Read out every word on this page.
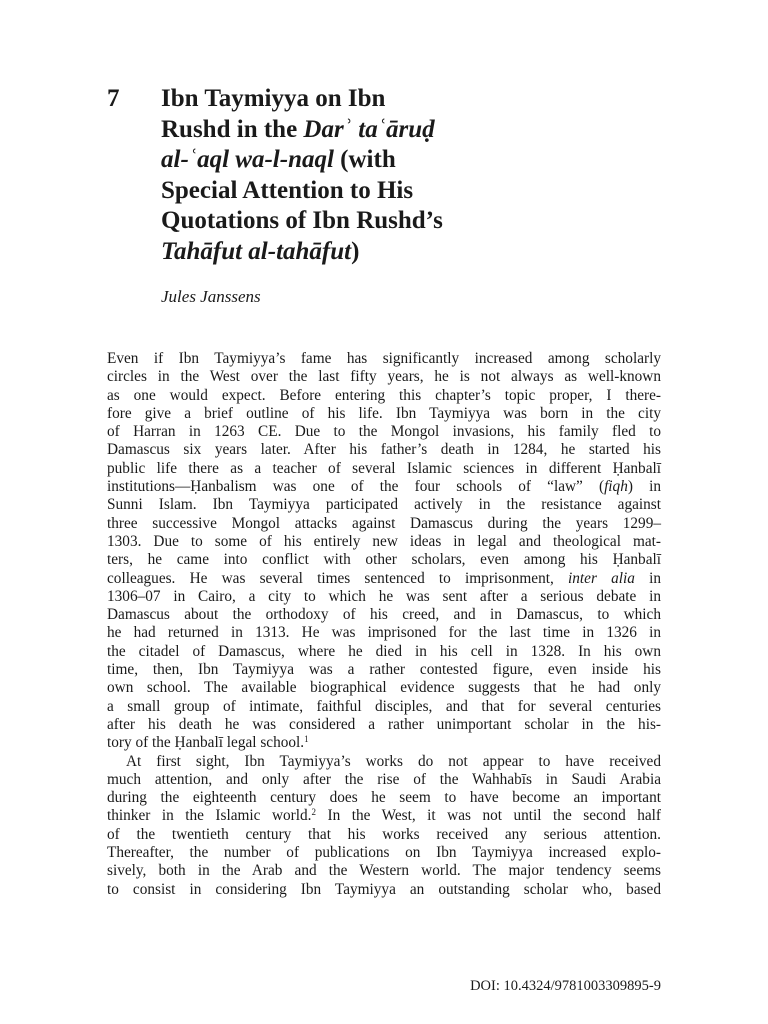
7 Ibn Taymiyya on Ibn
Rushd in the Darʾ taʿāruḍ
al-ʿaql wa-l-naql (with
Special Attention to His
Quotations of Ibn Rushd’s
Tahāfut al-tahāfut)
Jules Janssens
Even if Ibn Taymiyya’s fame has significantly increased among scholarly
circles in the West over the last fifty years, he is not always as well-known
as one would expect. Before entering this chapter’s topic proper, I there-
fore give a brief outline of his life. Ibn Taymiyya was born in the city
of Harran in 1263 CE. Due to the Mongol invasions, his family fled to
Damascus six years later. After his father’s death in 1284, he started his
public life there as a teacher of several Islamic sciences in different Ḥanbalī
institutions—Ḥanbalism was one of the four schools of “law” (fiqh) in
Sunni Islam. Ibn Taymiyya participated actively in the resistance against
three successive Mongol attacks against Damascus during the years 1299–
1303. Due to some of his entirely new ideas in legal and theological mat-
ters, he came into conflict with other scholars, even among his Ḥanbalī
colleagues. He was several times sentenced to imprisonment, inter alia in
1306–07 in Cairo, a city to which he was sent after a serious debate in
Damascus about the orthodoxy of his creed, and in Damascus, to which
he had returned in 1313. He was imprisoned for the last time in 1326 in
the citadel of Damascus, where he died in his cell in 1328. In his own
time, then, Ibn Taymiyya was a rather contested figure, even inside his
own school. The available biographical evidence suggests that he had only
a small group of intimate, faithful disciples, and that for several centuries
after his death he was considered a rather unimportant scholar in the his-
tory of the Ḥanbalī legal school.$^1$
At first sight, Ibn Taymiyya’s works do not appear to have received
much attention, and only after the rise of the Wahhabīs in Saudi Arabia
during the eighteenth century does he seem to have become an important
thinker in the Islamic world.$^2$ In the West, it was not until the second half
of the twentieth century that his works received any serious attention.
Thereafter, the number of publications on Ibn Taymiyya increased explo-
sively, both in the Arab and the Western world. The major tendency seems
to consist in considering Ibn Taymiyya an outstanding scholar who, based
DOI: 10.4324/9781003309895-9
